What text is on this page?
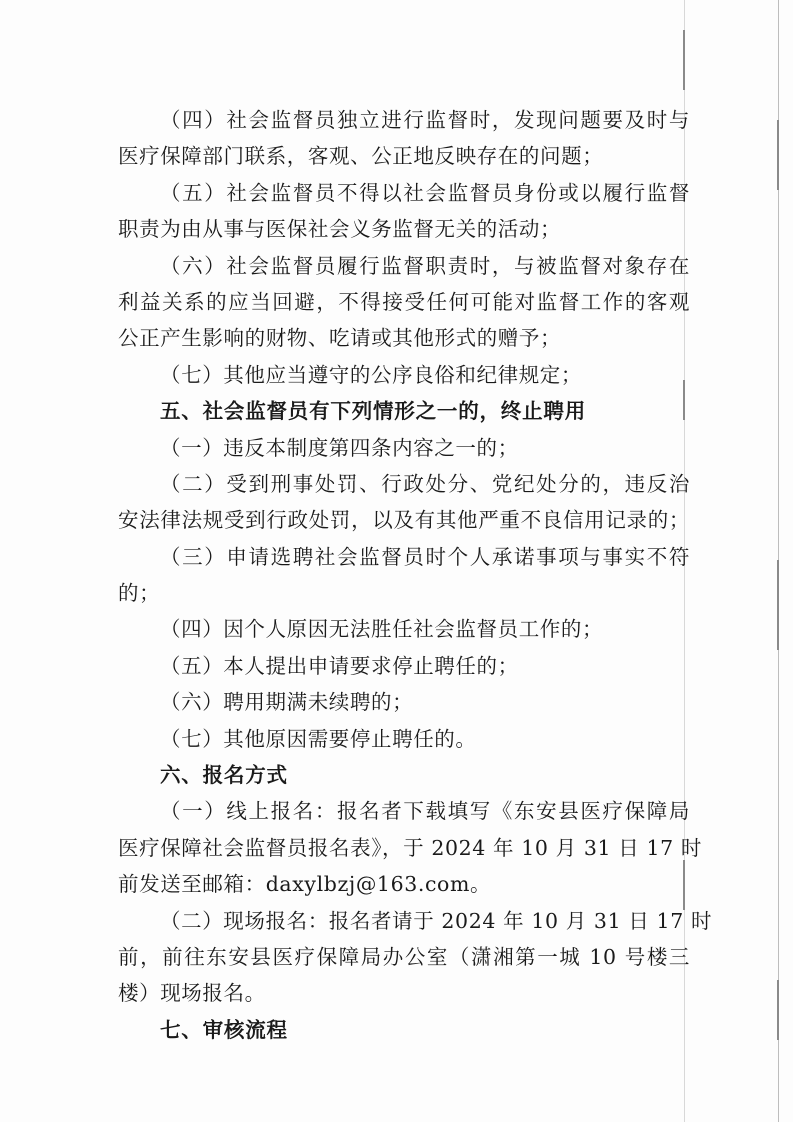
（四）社会监督员独立进行监督时，发现问题要及时与
医疗保障部门联系，客观、公正地反映存在的问题；
（五）社会监督员不得以社会监督员身份或以履行监督
职责为由从事与医保社会义务监督无关的活动；
（六）社会监督员履行监督职责时，与被监督对象存在
利益关系的应当回避，不得接受任何可能对监督工作的客观
公正产生影响的财物、吃请或其他形式的赠予；
（七）其他应当遵守的公序良俗和纪律规定；
五、社会监督员有下列情形之一的，终止聘用
（一）违反本制度第四条内容之一的；
（二）受到刑事处罚、行政处分、党纪处分的，违反治
安法律法规受到行政处罚，以及有其他严重不良信用记录的；
（三）申请选聘社会监督员时个人承诺事项与事实不符
的；
（四）因个人原因无法胜任社会监督员工作的；
（五）本人提出申请要求停止聘任的；
（六）聘用期满未续聘的；
（七）其他原因需要停止聘任的。
六、报名方式
（一）线上报名：报名者下载填写《东安县医疗保障局
医疗保障社会监督员报名表》，于 2024 年 10 月 31 日 17 时
前发送至邮箱：daxylbzj@163.com。
（二）现场报名：报名者请于 2024 年 10 月 31 日 17 时
前，前往东安县医疗保障局办公室（潇湘第一城 10 号楼三
楼）现场报名。
七、审核流程
